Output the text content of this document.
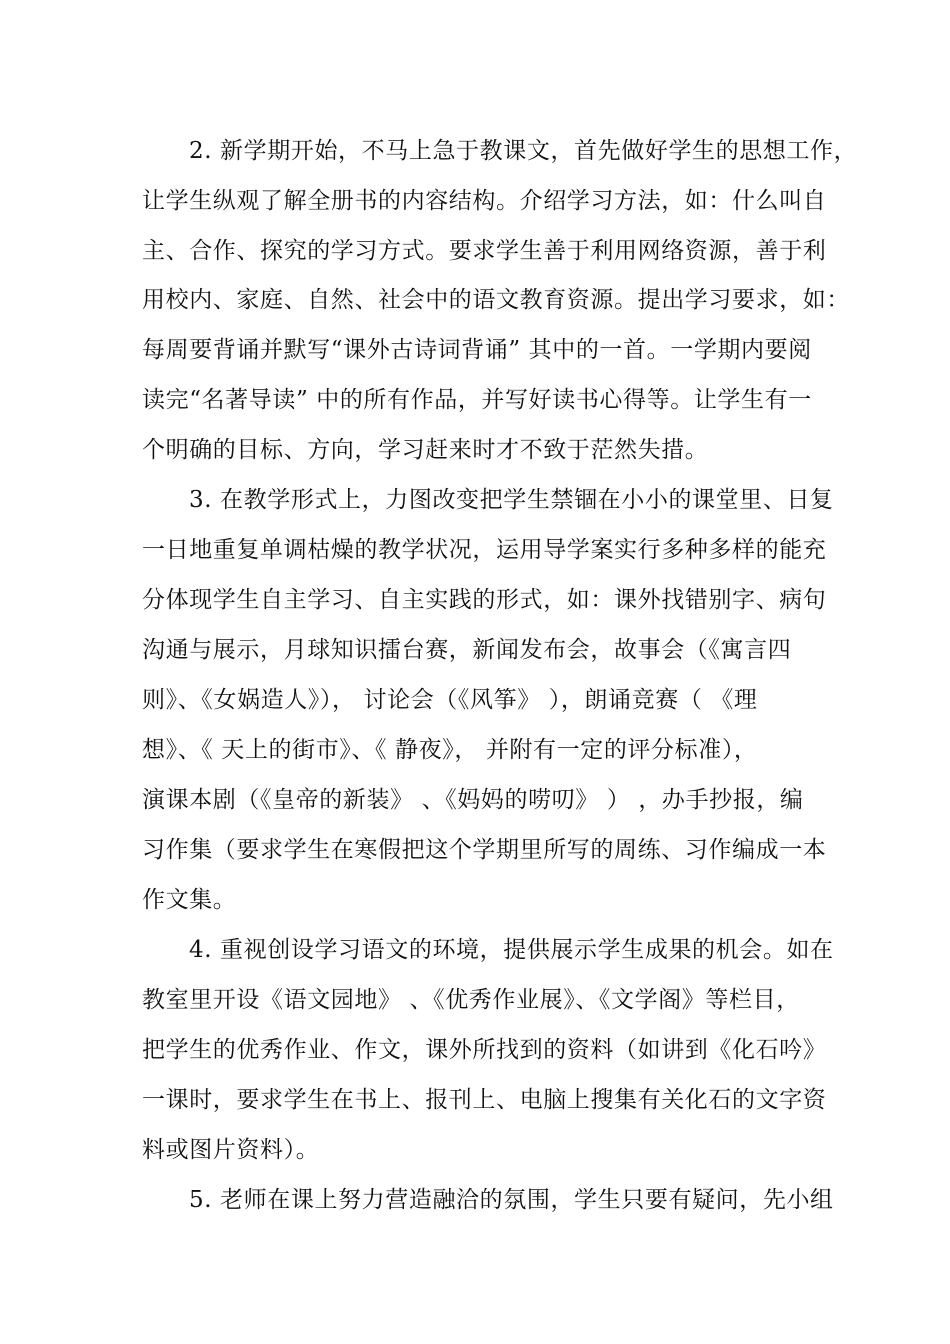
2. 新学期开始，不马上急于教课文，首先做好学生的思想工作，
让学生纵观了解全册书的内容结构。介绍学习方法，如：什么叫自
主、合作、探究的学习方式。要求学生善于利用网络资源，善于利
用校内、家庭、自然、社会中的语文教育资源。提出学习要求，如：
每周要背诵并默写“课外古诗词背诵” 其中的一首。一学期内要阅
读完“名著导读” 中的所有作品，并写好读书心得等。让学生有一
个明确的目标、方向，学习赶来时才不致于茫然失措。
3. 在教学形式上，力图改变把学生禁锢在小小的课堂里、日复
一日地重复单调枯燥的教学状况，运用导学案实行多种多样的能充
分体现学生自主学习、自主实践的形式，如：课外找错别字、病句
沟通与展示，月球知识擂台赛，新闻发布会，故事会（《寓言四
则》、《女娲造人》）， 讨论会（《风筝》 ），朗诵竞赛（ 《理
想》、《 天上的街市》、《 静夜》， 并附有一定的评分标准），
演课本剧（《皇帝的新装》 、《妈妈的唠叨》 ） ，办手抄报，编
习作集（要求学生在寒假把这个学期里所写的周练、习作编成一本
作文集。
4. 重视创设学习语文的环境，提供展示学生成果的机会。如在
教室里开设《语文园地》 、《优秀作业展》、《文学阁》等栏目，
把学生的优秀作业、作文，课外所找到的资料（如讲到《化石吟》
一课时，要求学生在书上、报刊上、电脑上搜集有关化石的文字资
料或图片资料）。
5. 老师在课上努力营造融洽的氛围，学生只要有疑问，先小组
